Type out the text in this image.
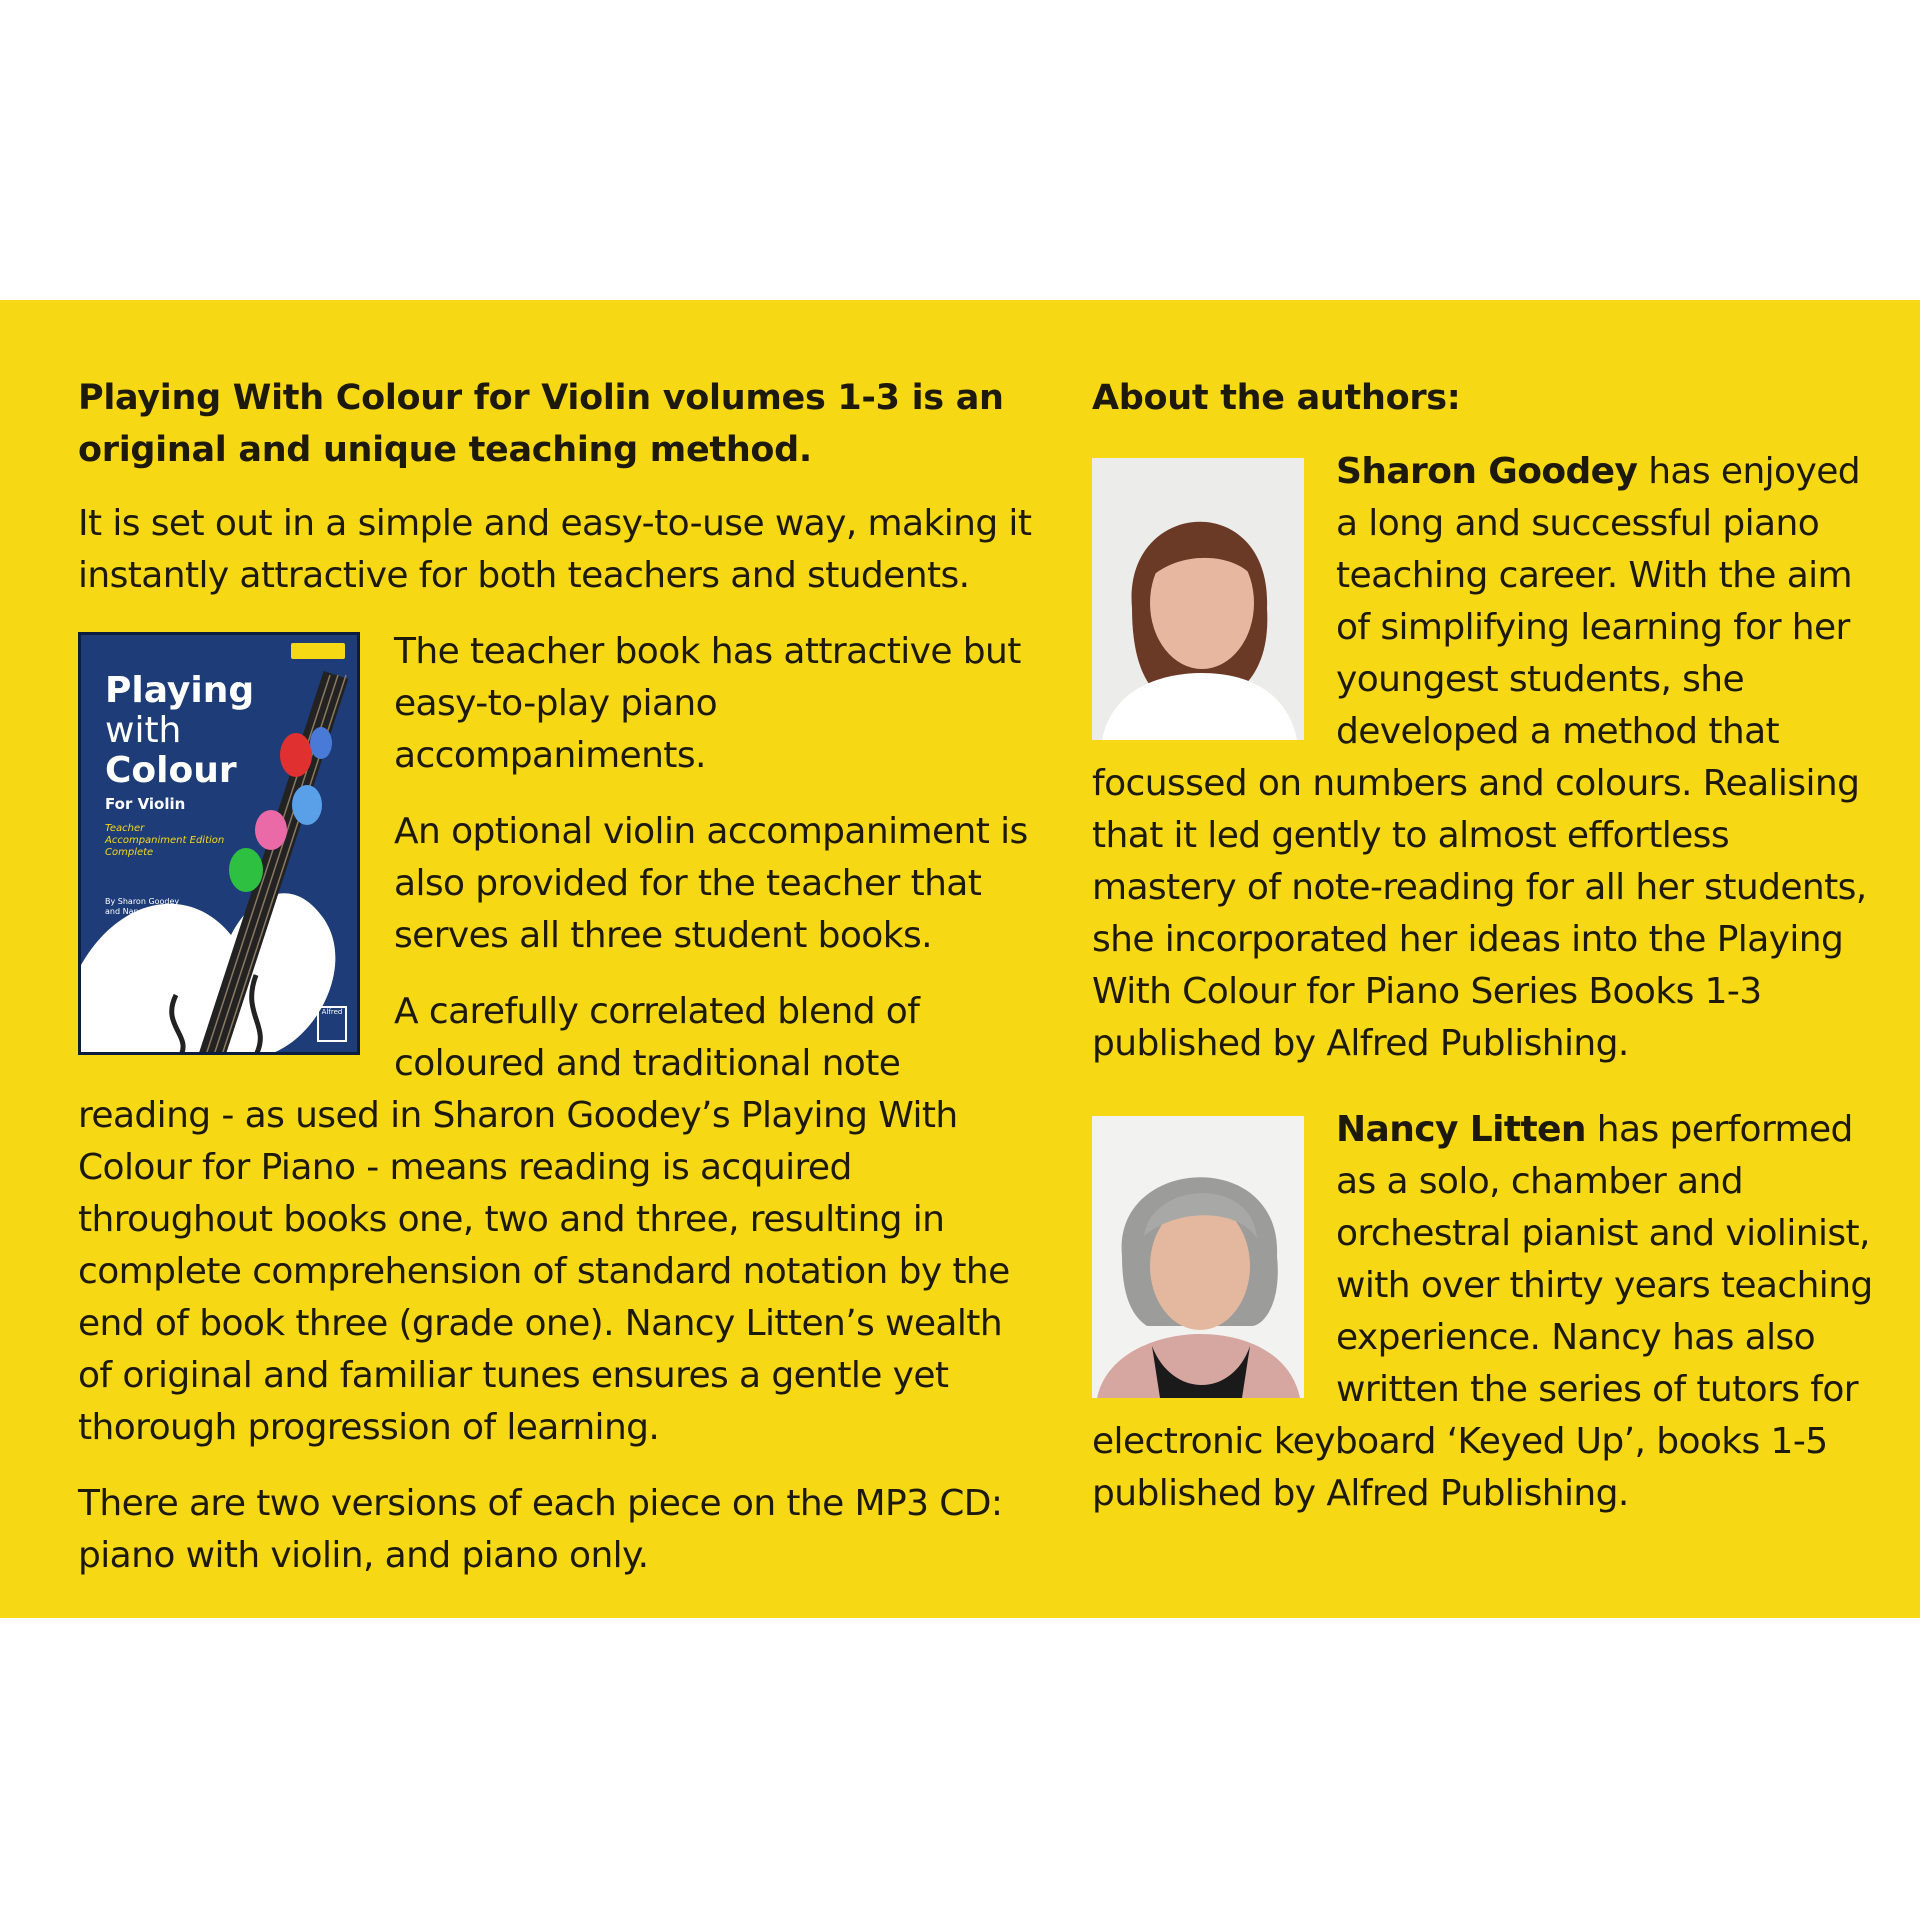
Playing With Colour for Violin volumes 1-3 is an original and unique teaching method.

It is set out in a simple and easy-to-use way, making it instantly attractive for both teachers and students.

Playing
with
Colour
For Violin
Teacher Accompaniment Edition Complete
By Sharon Goodey and Nancy Litten
Alfred

The teacher book has attractive but easy-to-play piano accompaniments.

An optional violin accompaniment is also provided for the teacher that serves all three student books.

A carefully correlated blend of coloured and traditional note reading - as used in Sharon Goodey’s Playing With Colour for Piano - means reading is acquired throughout books one, two and three, resulting in complete comprehension of standard notation by the end of book three (grade one). Nancy Litten’s wealth of original and familiar tunes ensures a gentle yet thorough progression of learning.

There are two versions of each piece on the MP3 CD: piano with violin, and piano only.

About the authors:

Sharon Goodey has enjoyed a long and successful piano teaching career. With the aim of simplifying learning for her youngest students, she developed a method that focussed on numbers and colours. Realising that it led gently to almost effortless mastery of note-reading for all her students, she incorporated her ideas into the Playing With Colour for Piano Series Books 1-3 published by Alfred Publishing.

Nancy Litten has performed as a solo, chamber and orchestral pianist and violinist, with over thirty years teaching experience. Nancy has also written the series of tutors for electronic keyboard ‘Keyed Up’, books 1-5 published by Alfred Publishing.
